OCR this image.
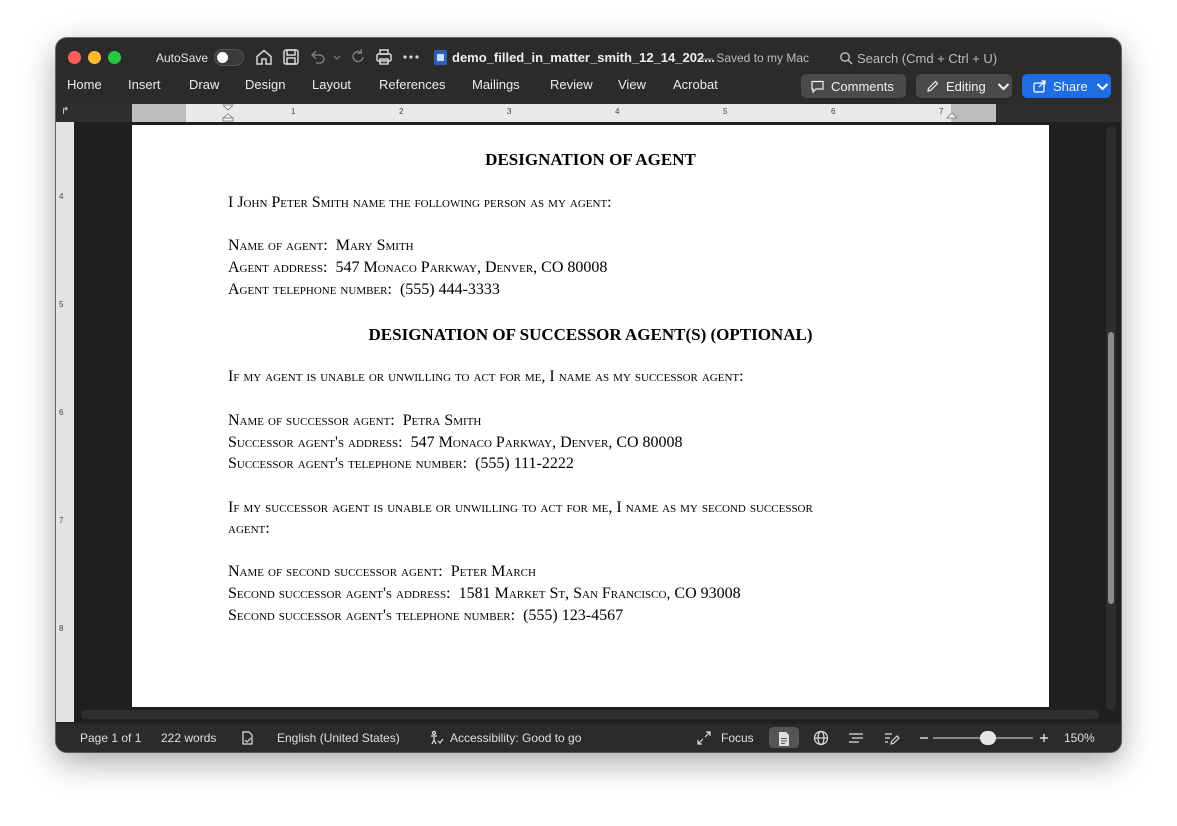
AutoSave	demo_filled_in_matter_smith_12_14_202...
— Saved to my Mac	Search (Cmd + Ctrl + U)
Home Insert Draw Design Layout References Mailings Review View Acrobat	Comments	Editing	Share
↱	1	2	3	4	5	6	7
4
5
6
7
8
DESIGNATION OF AGENT
I John Peter Smith name the following person as my agent:
Name of agent: Mary Smith
Agent address: 547 Monaco Parkway, Denver, CO 80008
Agent telephone number: (555) 444-3333
DESIGNATION OF SUCCESSOR AGENT(S) (OPTIONAL)
If my agent is unable or unwilling to act for me, I name as my successor agent:
Name of successor agent: Petra Smith
Successor agent's address: 547 Monaco Parkway, Denver, CO 80008
Successor agent's telephone number: (555) 111-2222
If my successor agent is unable or unwilling to act for me, I name as my second successor
agent:
Name of second successor agent: Peter March
Second successor agent's address: 1581 Market St, San Francisco, CO 93008
Second successor agent's telephone number: (555) 123-4567
Page 1 of 1 222 words	English (United States)	Accessibility: Good to go	Focus	150%
